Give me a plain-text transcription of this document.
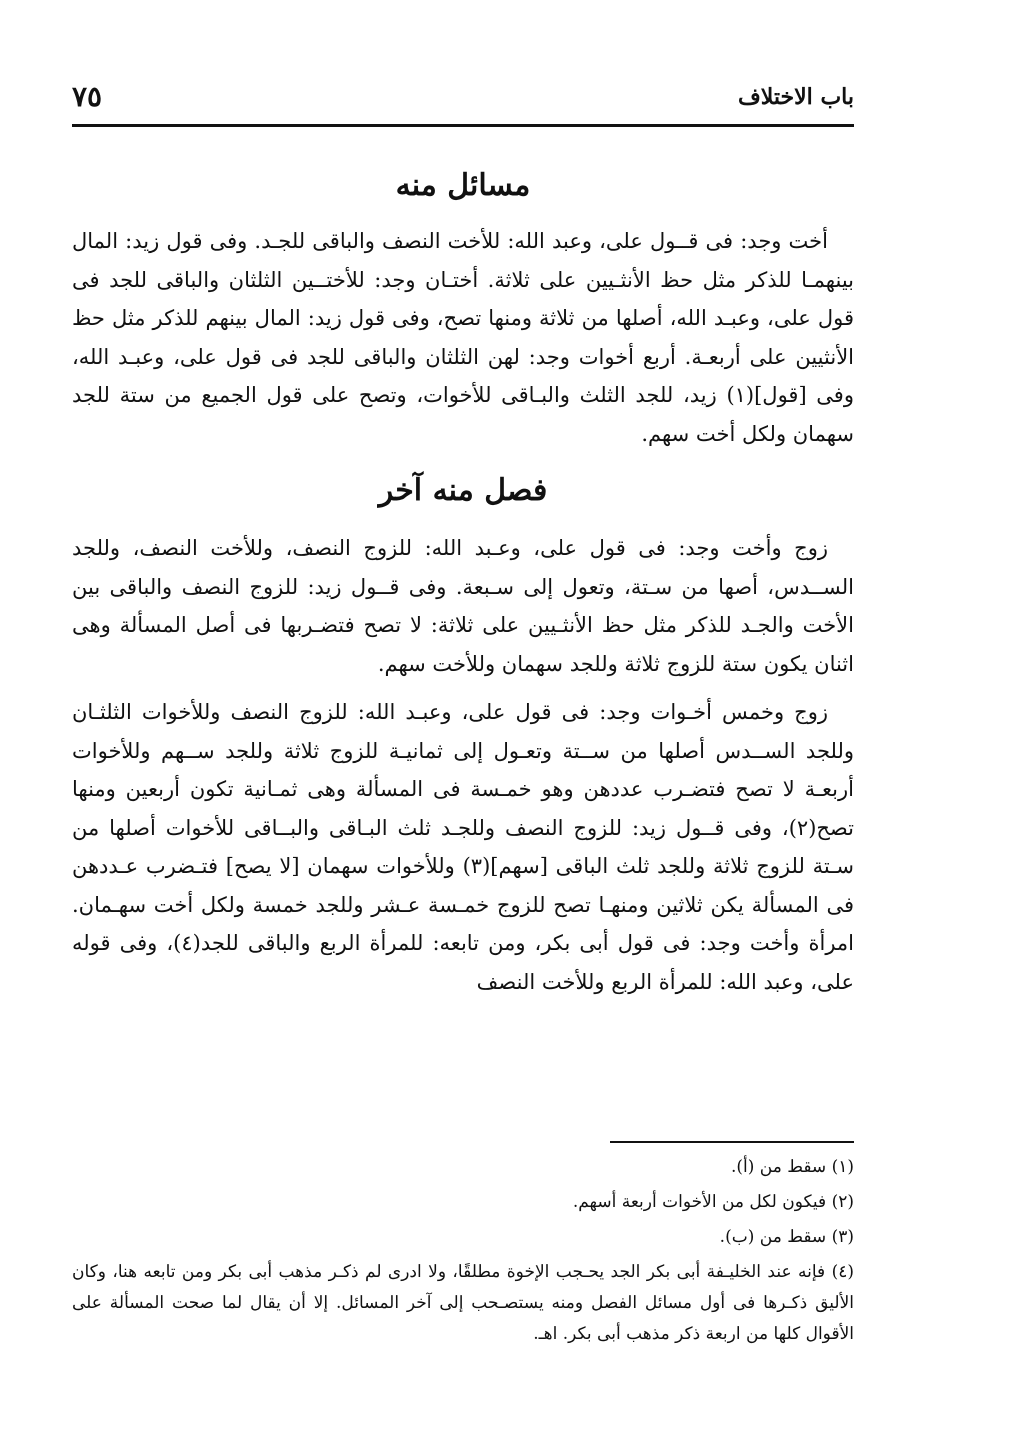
باب الاختلاف
٧٥
مسائل منه

أخت وجد: فى قــول على، وعبد الله: للأخت النصف والباقى للجـد. وفى قول زيد: المال بينهمـا للذكر مثل حظ الأنثـيين على ثلاثة. أختـان وجد: للأختــين الثلثان والباقى للجد فى قول على، وعبـد الله، أصلها من ثلاثة ومنها تصح، وفى قول زيد: المال بينهم للذكر مثل حظ الأنثيين على أربعـة. أربع أخوات وجد: لهن الثلثان والباقى للجد فى قول على، وعبـد الله، وفى [قول](١) زيد، للجد الثلث والبـاقى للأخوات، وتصح على قول الجميع من ستة للجد سهمان ولكل أخت سهم.

فصل منه آخر

زوج وأخت وجد: فى قول على، وعـبد الله: للزوج النصف، وللأخت النصف، وللجد الســدس، أصها من سـتة، وتعول إلى سـبعة. وفى قــول زيد: للزوج النصف والباقى بين الأخت والجـد للذكر مثل حظ الأنثـيين على ثلاثة: لا تصح فتضـربها فى أصل المسألة وهى اثنان يكون ستة للزوج ثلاثة وللجد سهمان وللأخت سهم.

زوج وخمس أخـوات وجد: فى قول على، وعبـد الله: للزوج النصف وللأخوات الثلثـان وللجد الســدس أصلها من ســتة وتعـول إلى ثمانيـة للزوج ثلاثة وللجد ســهم وللأخوات أربعـة لا تصح فتضـرب عددهن وهو خمـسة فى المسألة وهى ثمـانية تكون أربعين ومنها تصح(٢)، وفى قــول زيد: للزوج النصف وللجـد ثلث البـاقى والبــاقى للأخوات أصلها من سـتة للزوج ثلاثة وللجد ثلث الباقى [سهم](٣) وللأخوات سهمان [لا يصح] فتـضرب عـددهن فى المسألة يكن ثلاثين ومنهـا تصح للزوج خمـسة عـشر وللجد خمسة ولكل أخت سهـمان. امرأة وأخت وجد: فى قول أبى بكر، ومن تابعه: للمرأة الربع والباقى للجد(٤)، وفى قوله على، وعبد الله: للمرأة الربع وللأخت النصف

(١) سقط من (أ).

(٢) فيكون لكل من الأخوات أربعة أسهم.

(٣) سقط من (ب).

(٤) فإنه عند الخليـفة أبى بكر الجد يحـجب الإخوة مطلقًا، ولا ادرى لم ذكـر مذهب أبى بكر ومن تابعه هنا، وكان الأليق ذكـرها فى أول مسائل الفصل ومنه يستصـحب إلى آخر المسائل. إلا أن يقال لما صحت المسألة على الأقوال كلها من اربعة ذكر مذهب أبى بكر. اهـ.
